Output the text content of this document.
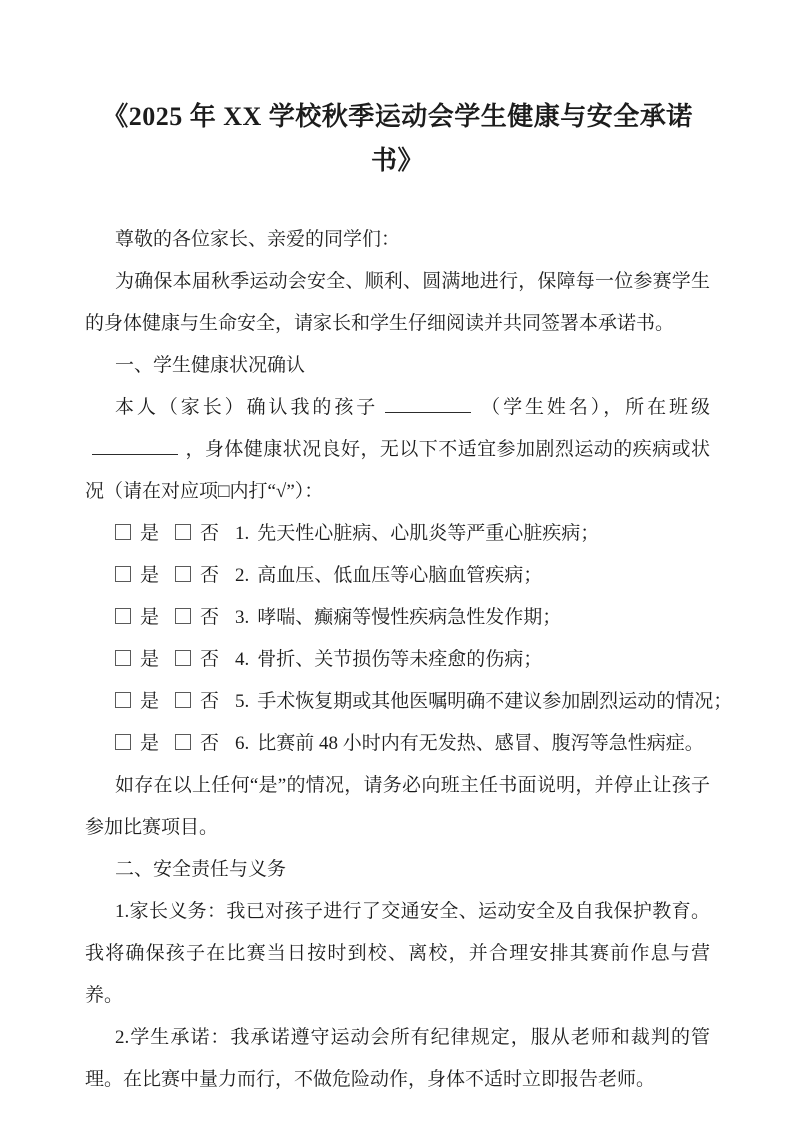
《2025 年 XX 学校秋季运动会学生健康与安全承诺书》

尊敬的各位家长、亲爱的同学们：

为确保本届秋季运动会安全、顺利、圆满地进行，保障每一位参赛学生的身体健康与生命安全，请家长和学生仔细阅读并共同签署本承诺书。

一、学生健康状况确认

本人（家长）确认我的孩子	（学生姓名），所在班级，身体健康状况良好，无以下不适宜参加剧烈运动的疾病或状况（请在对应项□内打“√”）：

是 否 1. 先天性心脏病、心肌炎等严重心脏疾病；
是 否 2. 高血压、低血压等心脑血管疾病；
是 否 3. 哮喘、癫痫等慢性疾病急性发作期；
是 否 4. 骨折、关节损伤等未痊愈的伤病；
是 否 5. 手术恢复期或其他医嘱明确不建议参加剧烈运动的情况；
是 否 6. 比赛前 48 小时内有无发热、感冒、腹泻等急性病症。

如存在以上任何“是”的情况，请务必向班主任书面说明，并停止让孩子参加比赛项目。

二、安全责任与义务

1.家长义务：我已对孩子进行了交通安全、运动安全及自我保护教育。我将确保孩子在比赛当日按时到校、离校，并合理安排其赛前作息与营养。

2.学生承诺：我承诺遵守运动会所有纪律规定，服从老师和裁判的管理。在比赛中量力而行，不做危险动作，身体不适时立即报告老师。
